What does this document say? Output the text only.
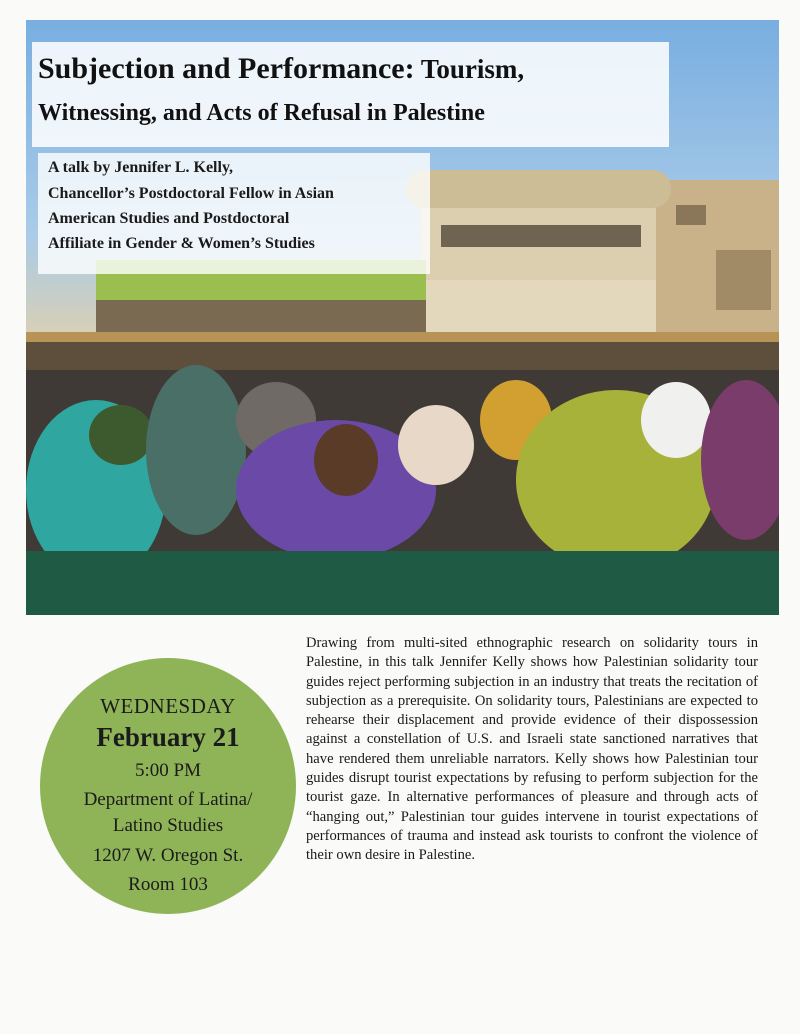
Subjection and Performance: Tourism,
Witnessing, and Acts of Refusal in Palestine
A talk by Jennifer L. Kelly,
Chancellor’s Postdoctoral Fellow in Asian
American Studies and Postdoctoral
Affiliate in Gender & Women’s Studies
WEDNESDAY
February 21
5:00 PM
Department of Latina/
Latino Studies
1207 W. Oregon St.
Room 103
Drawing from multi-sited ethnographic research on solidarity tours in Palestine, in this talk Jennifer Kelly shows how Palestinian solidarity tour guides reject performing subjection in an industry that treats the recitation of subjection as a prerequisite. On solidarity tours, Palestinians are expected to rehearse their displacement and provide evidence of their dispossession against a constellation of U.S. and Israeli state sanctioned narratives that have rendered them unreliable narrators. Kelly shows how Palestinian tour guides disrupt tourist expectations by refusing to perform subjection for the tourist gaze. In alternative performances of pleasure and through acts of “hanging out,” Palestinian tour guides intervene in tourist expectations of performances of trauma and instead ask tourists to confront the violence of their own desire in Palestine.
